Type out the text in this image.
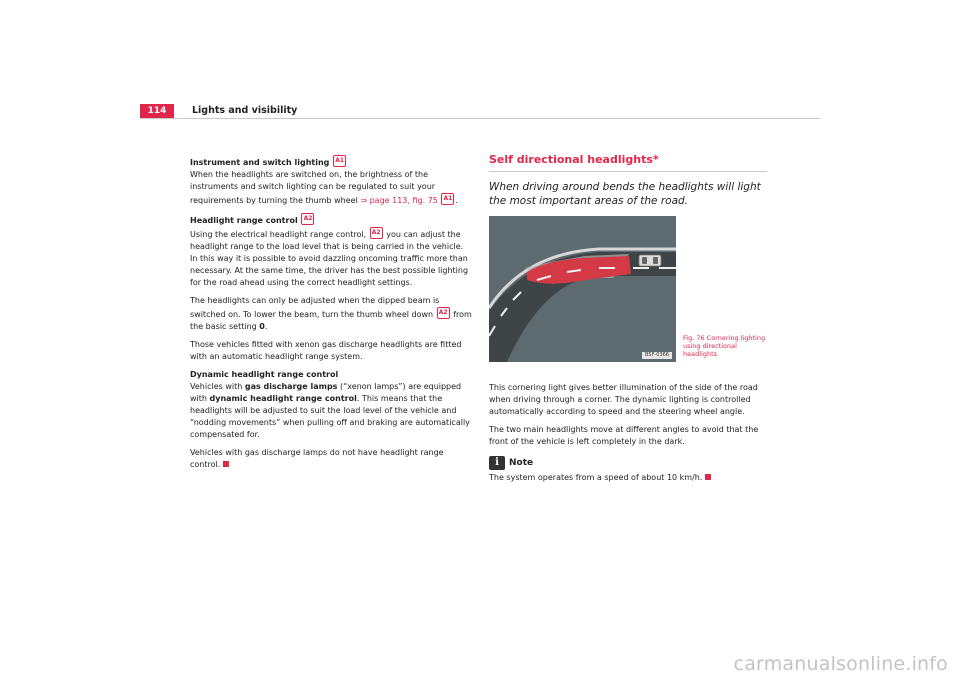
114	Lights and visibility

Instrument and switch lighting A1
When the headlights are switched on, the brightness of the instruments and switch lighting can be regulated to suit your requirements by turning the thumb wheel ⇒ page 113, fig. 75 A1 .

Headlight range control A2
Using the electrical headlight range control, A2 you can adjust the headlight range to the load level that is being carried in the vehicle. In this way it is possible to avoid dazzling oncoming traffic more than necessary. At the same time, the driver has the best possible lighting for the road ahead using the correct headlight settings.

The headlights can only be adjusted when the dipped beam is switched on. To lower the beam, turn the thumb wheel down A2 from the basic setting 0.

Those vehicles fitted with xenon gas discharge headlights are fitted with an automatic headlight range system.

Dynamic headlight range control
Vehicles with gas discharge lamps (“xenon lamps”) are equipped with dynamic headlight range control. This means that the headlights will be adjusted to suit the load level of the vehicle and “nodding movements” when pulling off and braking are automatically compensated for.

Vehicles with gas discharge lamps do not have headlight range control.

Self directional headlights*
When driving around bends the headlights will light the most important areas of the road.
B5F-0366
Fig. 76 Cornering lighting using directional headlights

This cornering light gives better illumination of the side of the road when driving through a corner. The dynamic lighting is controlled automatically according to speed and the steering wheel angle.

The two main headlights move at different angles to avoid that the front of the vehicle is left completely in the dark.

i	Note

The system operates from a speed of about 10 km/h.

carmanualsonline.info
